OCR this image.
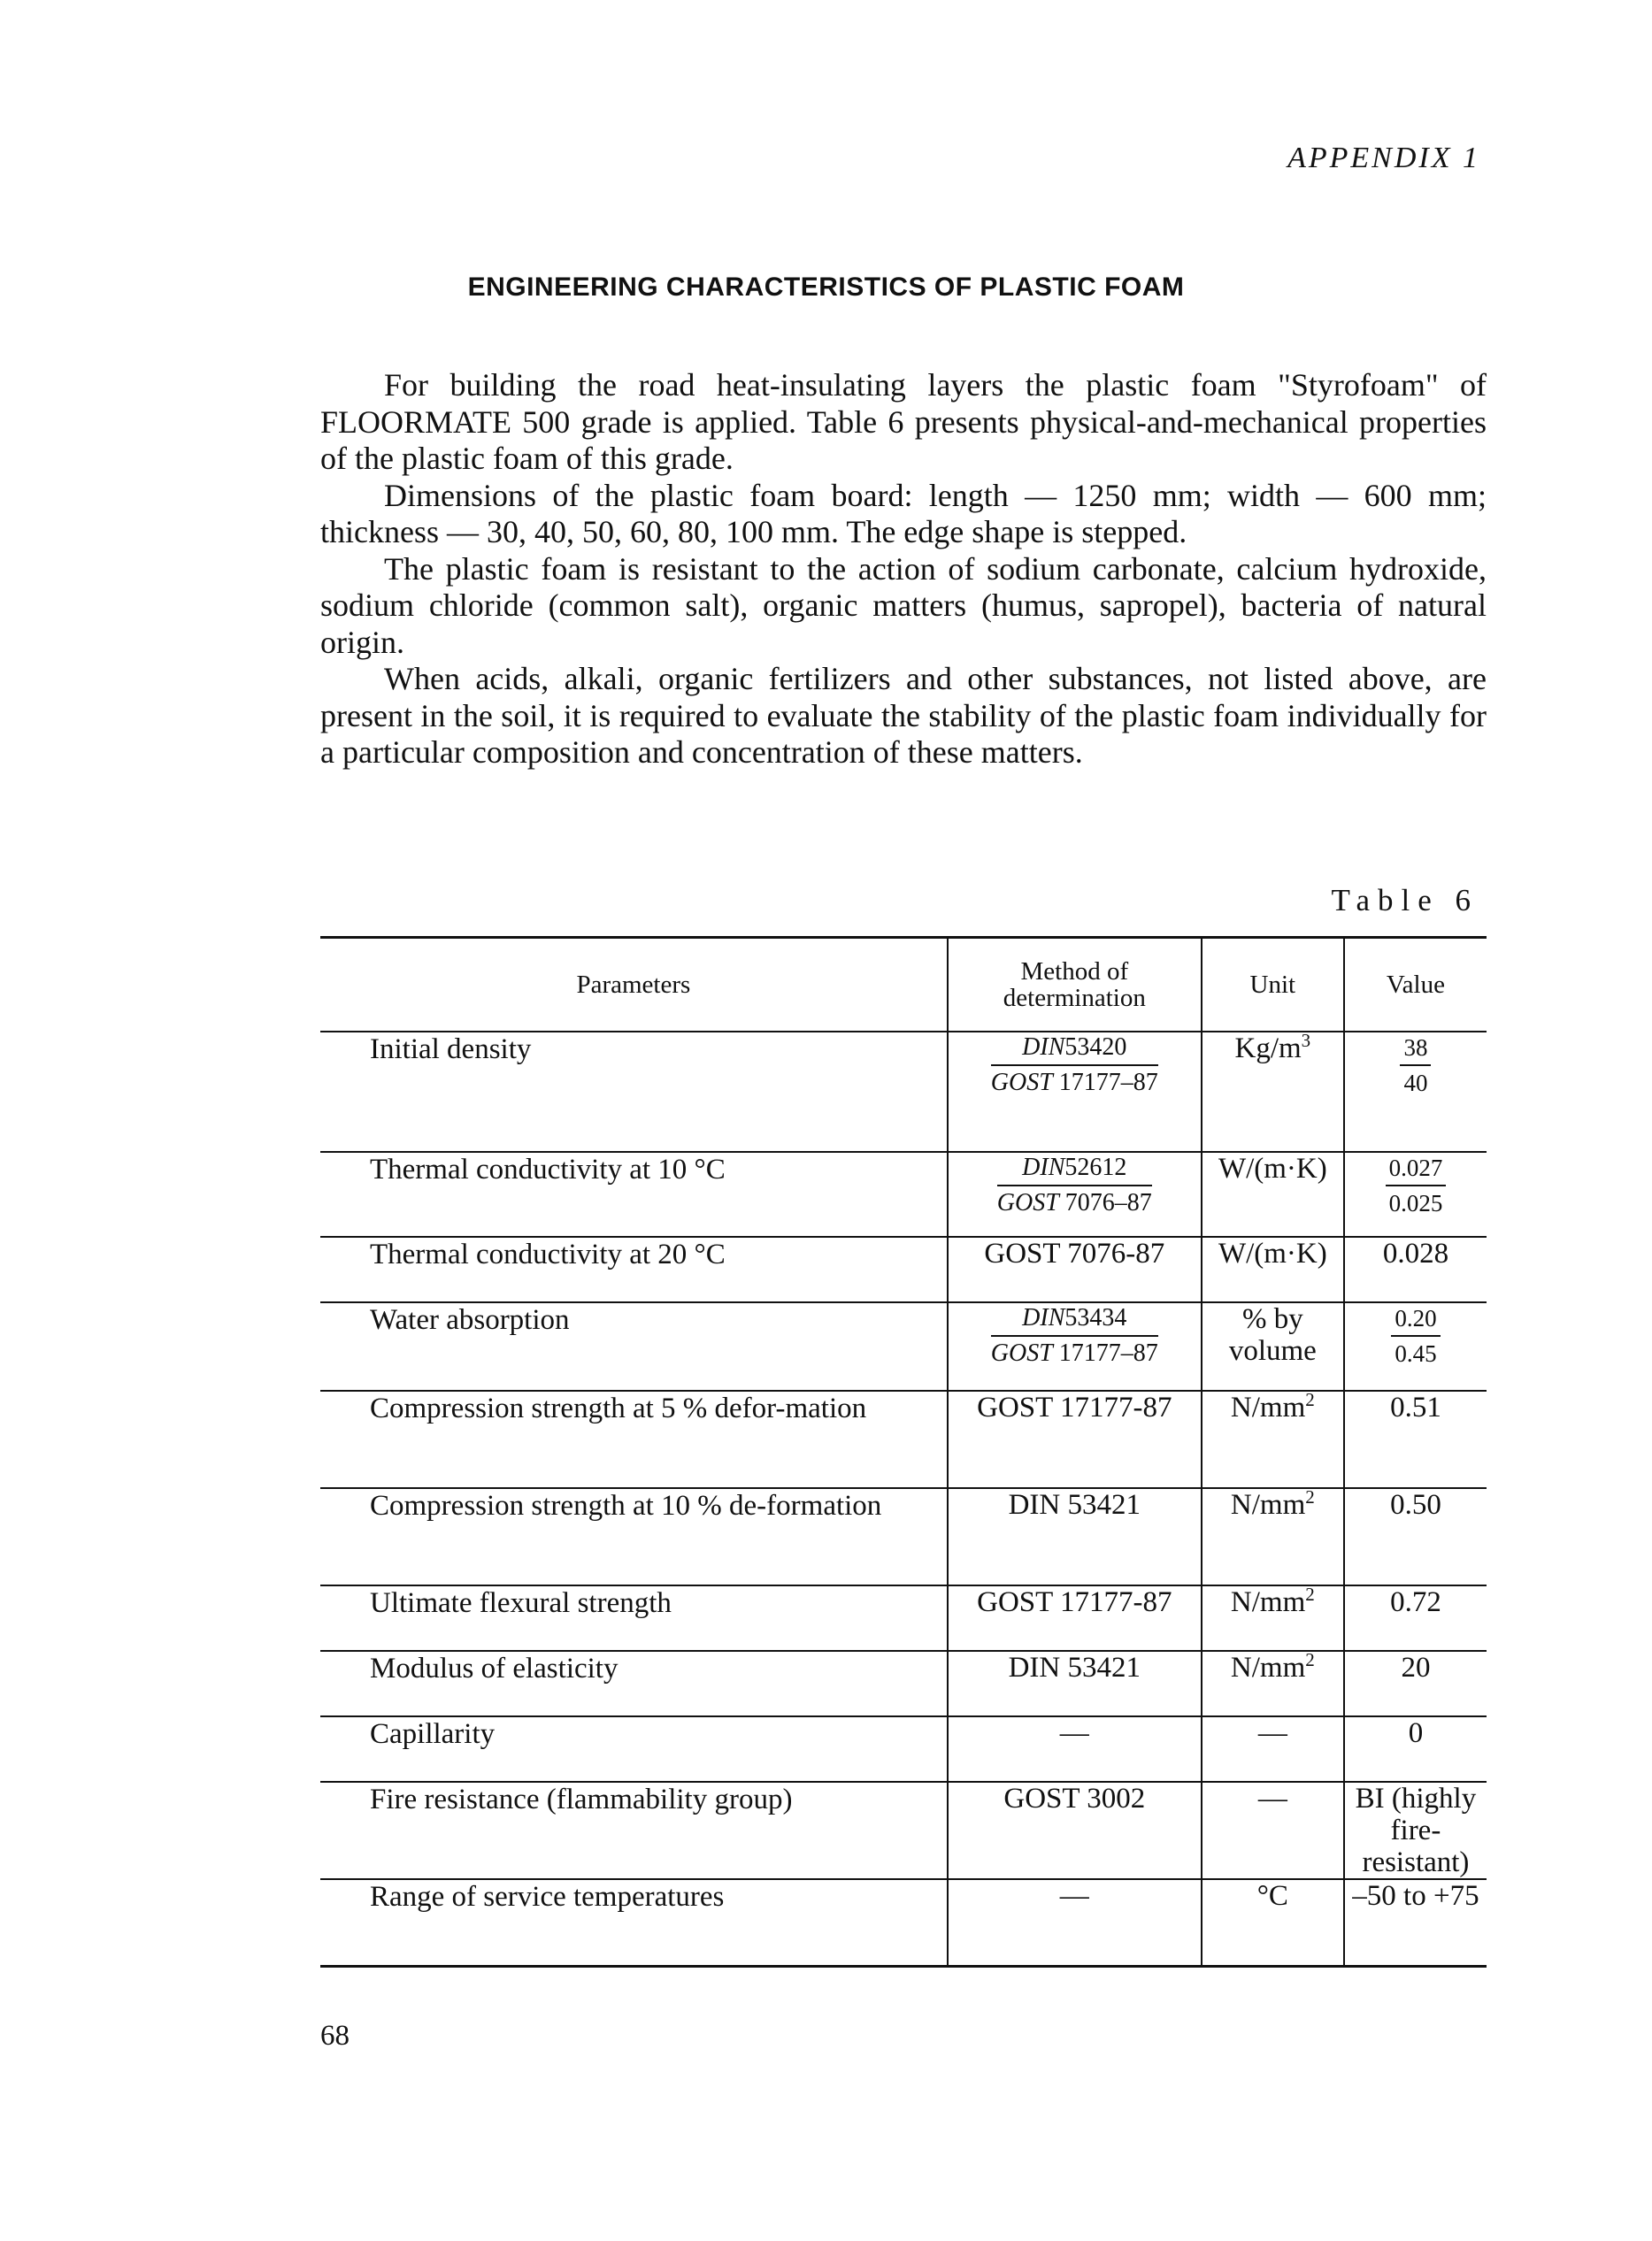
APPENDIX 1
ENGINEERING CHARACTERISTICS OF PLASTIC FOAM

For building the road heat-insulating layers the plastic foam "Styrofoam" of FLOORMATE 500 grade is applied. Table 6 presents physical-and-mechanical properties of the plastic foam of this grade.

Dimensions of the plastic foam board: length — 1250 mm; width — 600 mm; thickness — 30, 40, 50, 60, 80, 100 mm. The edge shape is stepped.

The plastic foam is resistant to the action of sodium carbonate, calcium hydroxide, sodium chloride (common salt), organic matters (humus, sapropel), bacteria of natural origin.

When acids, alkali, organic fertilizers and other substances, not listed above, are present in the soil, it is required to evaluate the stability of the plastic foam individually for a particular composition and concentration of these matters.

Table 6
Parameters	Method of determination	Unit	Value
Initial density	$\frac{\text{DIN53420}}{\text{GOST 17177–87}}$	$Kg/m^3$	$\frac{38}{40}$

Thermal conductivity at 10 °C	$\frac{\text{DIN52612}}{\text{GOST 7076–87}}$	W/(m·K)	$\frac{0.027}{0.025}$

Thermal conductivity at 20 °C	GOST 7076-87	W/(m·K)	0.028
Water absorption	$\frac{\text{DIN53434}}{\text{GOST 17177–87}}$	% by volume	$\frac{0.20}{0.45}$

Compression strength at 5 % defor-mation	GOST 17177-87	$N/mm^2$	0.51
Compression strength at 10 % de-formation	DIN 53421	$N/mm^2$	0.50
Ultimate flexural strength	GOST 17177-87	$N/mm^2$	0.72
Modulus of elasticity	DIN 53421	$N/mm^2$	20
Capillarity	—	—	0
Fire resistance (flammability group)	GOST 3002	—	BI (highly fire-resistant)
Range of service temperatures	—	°C	–50 to +75
68
